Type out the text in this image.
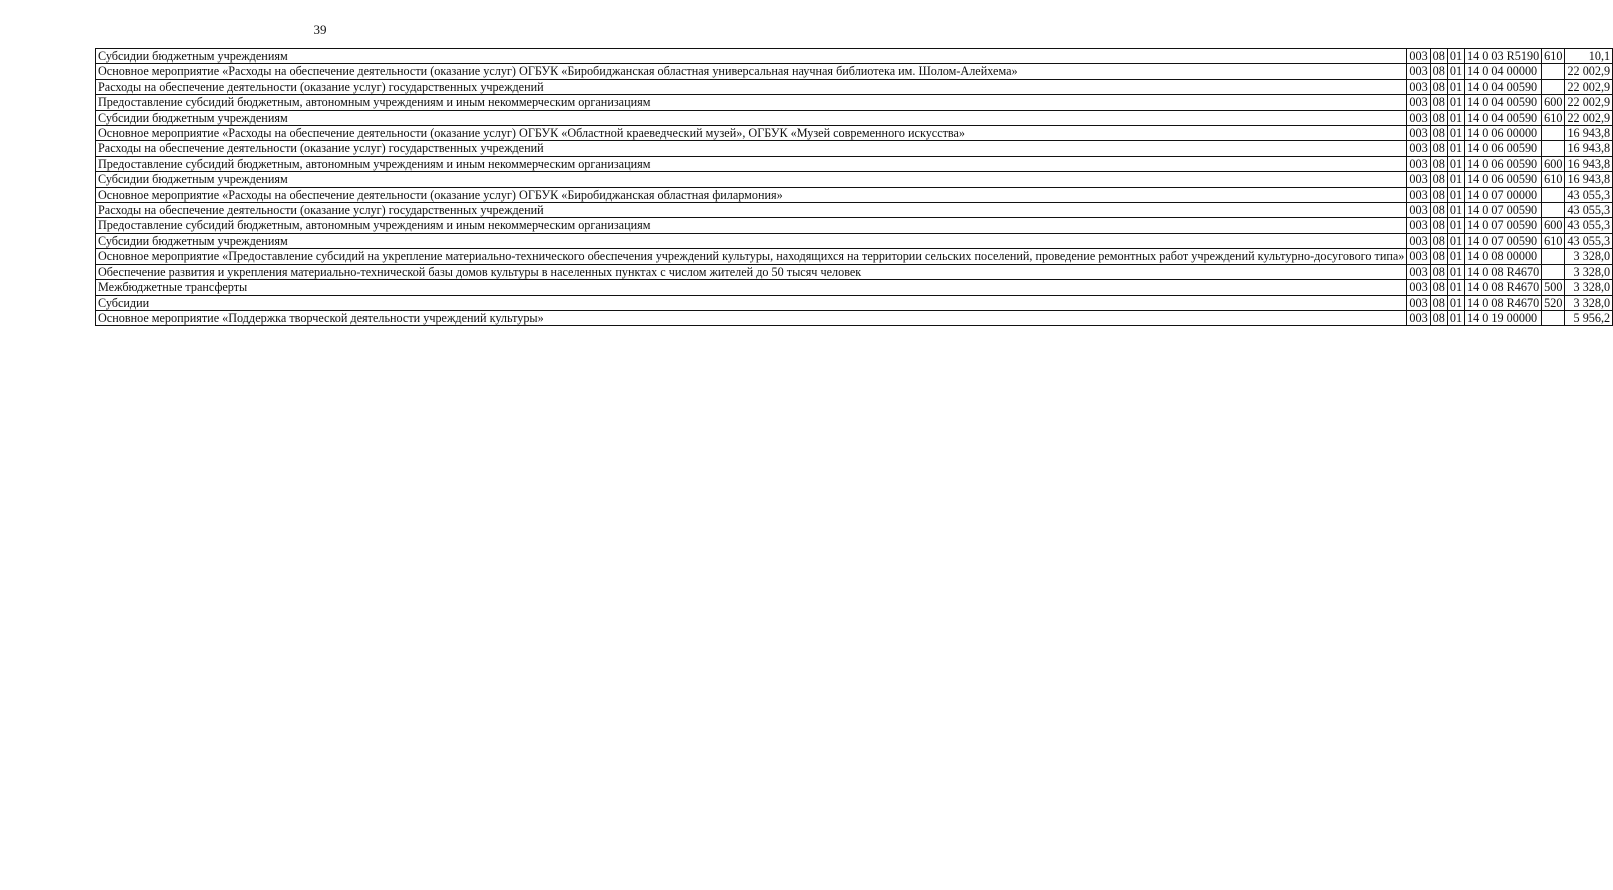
39
Субсидии бюджетным учреждениям	003	08	01	14 0 03 R5190	610	10,1
Основное мероприятие «Расходы на обеспечение деятельности (оказание услуг) ОГБУК «Биробиджанская областная универсальная научная библиотека им. Шолом-Алейхема»	003	08	01	14 0 04 00000		22 002,9
Расходы на обеспечение деятельности (оказание услуг) государственных учреждений	003	08	01	14 0 04 00590		22 002,9
Предоставление субсидий бюджетным, автономным учреждениям и иным некоммерческим организациям	003	08	01	14 0 04 00590	600	22 002,9
Субсидии бюджетным учреждениям	003	08	01	14 0 04 00590	610	22 002,9
Основное мероприятие «Расходы на обеспечение деятельности (оказание услуг) ОГБУК «Областной краеведческий музей», ОГБУК «Музей современного искусства»	003	08	01	14 0 06 00000		16 943,8
Расходы на обеспечение деятельности (оказание услуг) государственных учреждений	003	08	01	14 0 06 00590		16 943,8
Предоставление субсидий бюджетным, автономным учреждениям и иным некоммерческим организациям	003	08	01	14 0 06 00590	600	16 943,8
Субсидии бюджетным учреждениям	003	08	01	14 0 06 00590	610	16 943,8
Основное мероприятие «Расходы на обеспечение деятельности (оказание услуг) ОГБУК «Биробиджанская областная филармония»	003	08	01	14 0 07 00000		43 055,3
Расходы на обеспечение деятельности (оказание услуг) государственных учреждений	003	08	01	14 0 07 00590		43 055,3
Предоставление субсидий бюджетным, автономным учреждениям и иным некоммерческим организациям	003	08	01	14 0 07 00590	600	43 055,3
Субсидии бюджетным учреждениям	003	08	01	14 0 07 00590	610	43 055,3
Основное мероприятие «Предоставление субсидий на укрепление материально-технического обеспечения учреждений культуры, находящихся на территории сельских поселений, проведение ремонтных работ учреждений культурно-досугового типа»	003	08	01	14 0 08 00000		3 328,0
Обеспечение развития и укрепления материально-технической базы домов культуры в населенных пунктах с числом жителей до 50 тысяч человек	003	08	01	14 0 08 R4670		3 328,0
Межбюджетные трансферты	003	08	01	14 0 08 R4670	500	3 328,0
Субсидии	003	08	01	14 0 08 R4670	520	3 328,0
Основное мероприятие «Поддержка творческой деятельности учреждений культуры»	003	08	01	14 0 19 00000		5 956,2
